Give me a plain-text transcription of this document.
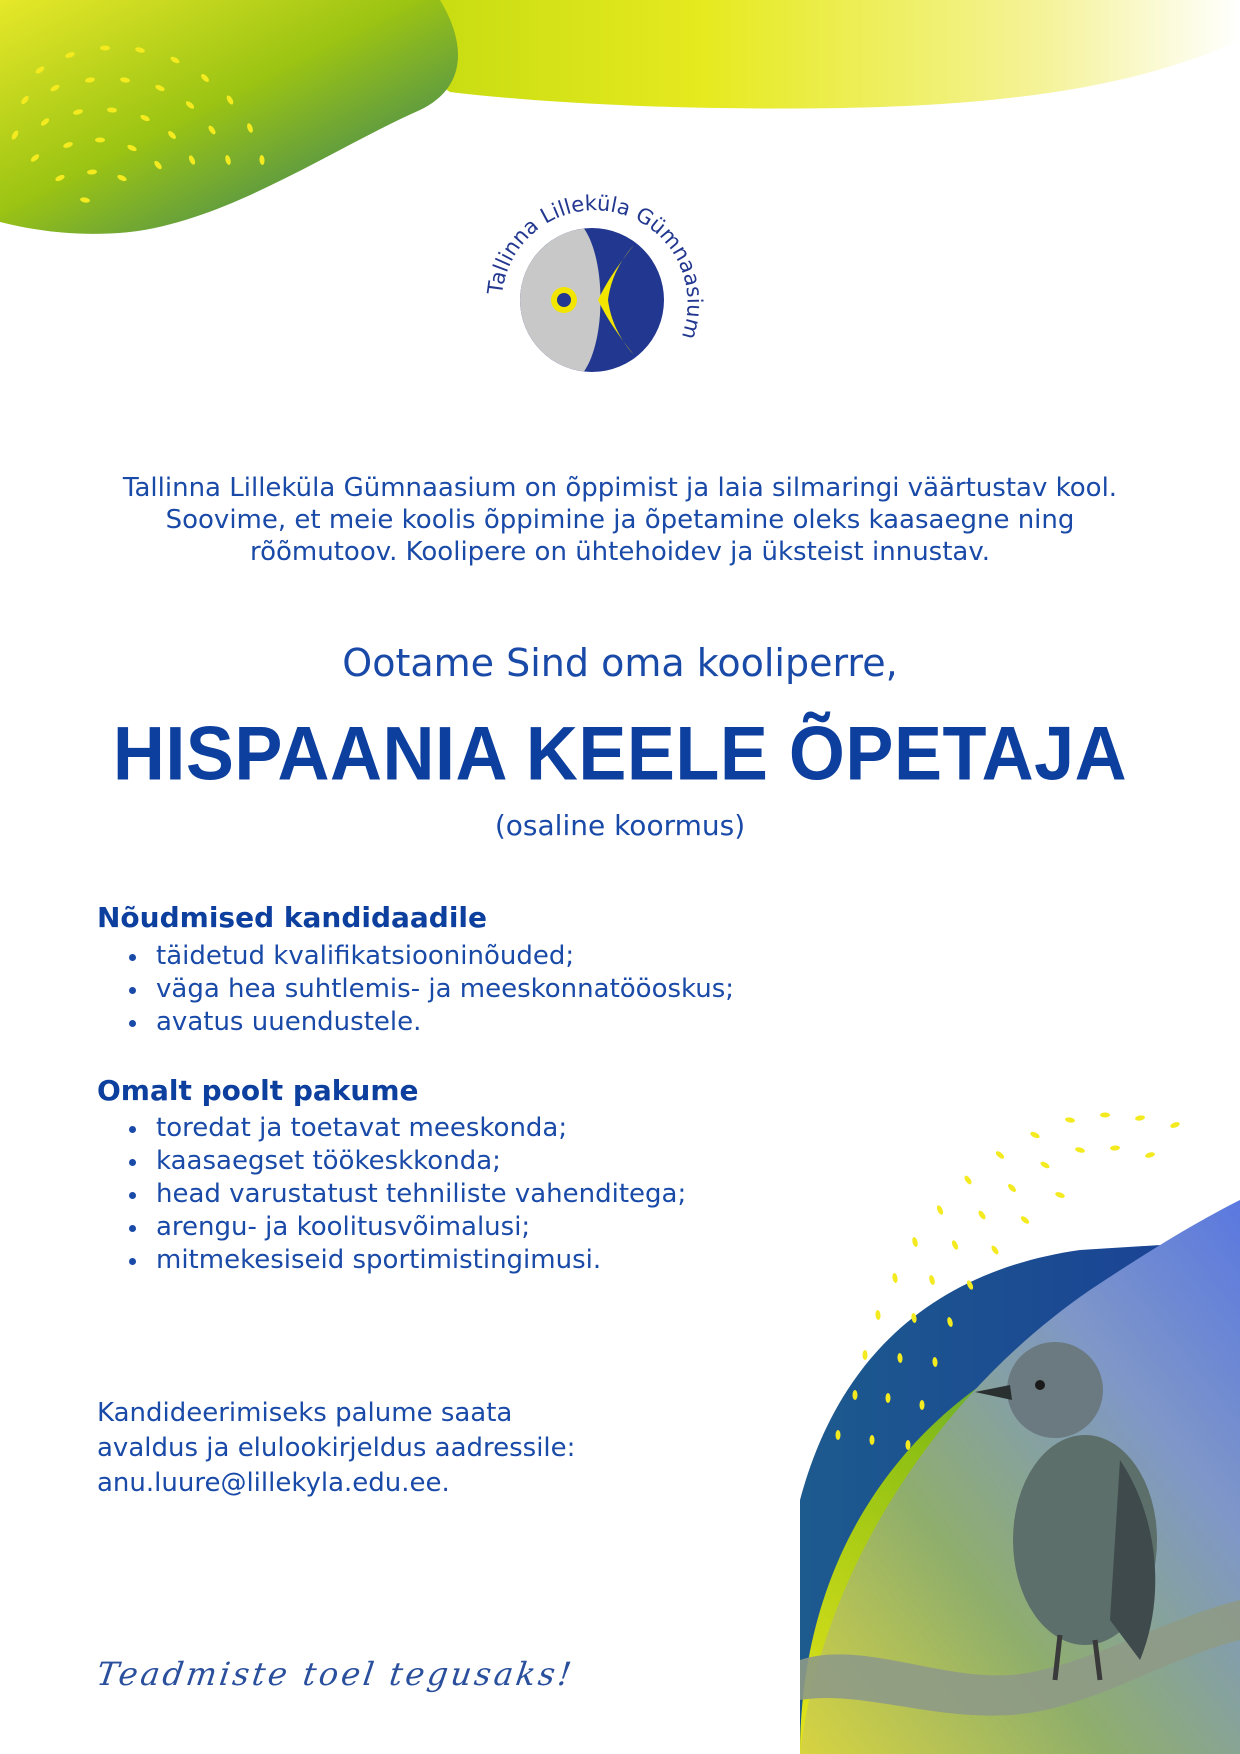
Tallinna Lilleküla Gümnaasium
Tallinna Lilleküla Gümnaasium on õppimist ja laia silmaringi väärtustav kool.
Soovime, et meie koolis õppimine ja õpetamine oleks kaasaegne ning
rõõmutoov. Koolipere on ühtehoidev ja üksteist innustav.
Ootame Sind oma kooliperre,
HISPAANIA KEELE ÕPETAJA
(osaline koormus)
Nõudmised kandidaadile
täidetud kvalifikatsiooninõuded;
väga hea suhtlemis- ja meeskonnatööoskus;
avatus uuendustele.
Omalt poolt pakume
toredat ja toetavat meeskonda;
kaasaegset töökeskkonda;
head varustatust tehniliste vahenditega;
arengu- ja koolitusvõimalusi;
mitmekesiseid sportimistingimusi.
Kandideerimiseks palume saata
avaldus ja elulookirjeldus aadressile:
anu.luure@lillekyla.edu.ee.
Teadmiste toel tegusaks!
